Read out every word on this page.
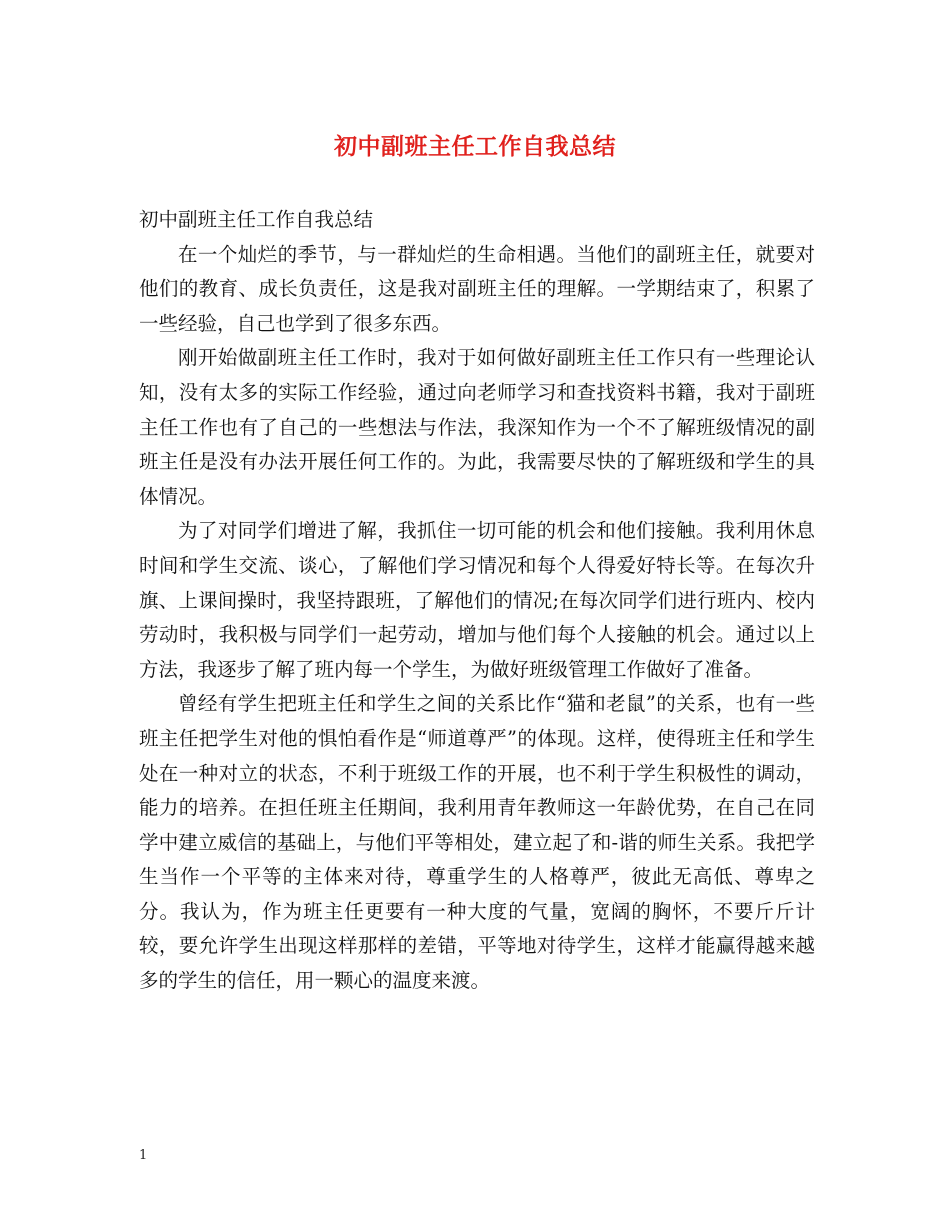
初中副班主任工作自我总结

初中副班主任工作自我总结

在一个灿烂的季节，与一群灿烂的生命相遇。当他们的副班主任，就要对他们的教育、成长负责任，这是我对副班主任的理解。一学期结束了，积累了一些经验，自己也学到了很多东西。

刚开始做副班主任工作时，我对于如何做好副班主任工作只有一些理论认知，没有太多的实际工作经验，通过向老师学习和查找资料书籍，我对于副班主任工作也有了自己的一些想法与作法，我深知作为一个不了解班级情况的副班主任是没有办法开展任何工作的。为此，我需要尽快的了解班级和学生的具体情况。

为了对同学们增进了解，我抓住一切可能的机会和他们接触。我利用休息时间和学生交流、谈心，了解他们学习情况和每个人得爱好特长等。在每次升旗、上课间操时，我坚持跟班，了解他们的情况;在每次同学们进行班内、校内劳动时，我积极与同学们一起劳动，增加与他们每个人接触的机会。通过以上方法，我逐步了解了班内每一个学生，为做好班级管理工作做好了准备。

曾经有学生把班主任和学生之间的关系比作“猫和老鼠”的关系，也有一些班主任把学生对他的惧怕看作是“师道尊严”的体现。这样，使得班主任和学生处在一种对立的状态，不利于班级工作的开展，也不利于学生积极性的调动，能力的培养。在担任班主任期间，我利用青年教师这一年龄优势，在自己在同学中建立威信的基础上，与他们平等相处，建立起了和-谐的师生关系。我把学生当作一个平等的主体来对待，尊重学生的人格尊严，彼此无高低、尊卑之分。我认为，作为班主任更要有一种大度的气量，宽阔的胸怀，不要斤斤计较，要允许学生出现这样那样的差错，平等地对待学生，这样才能赢得越来越多的学生的信任，用一颗心的温度来渡。

1
